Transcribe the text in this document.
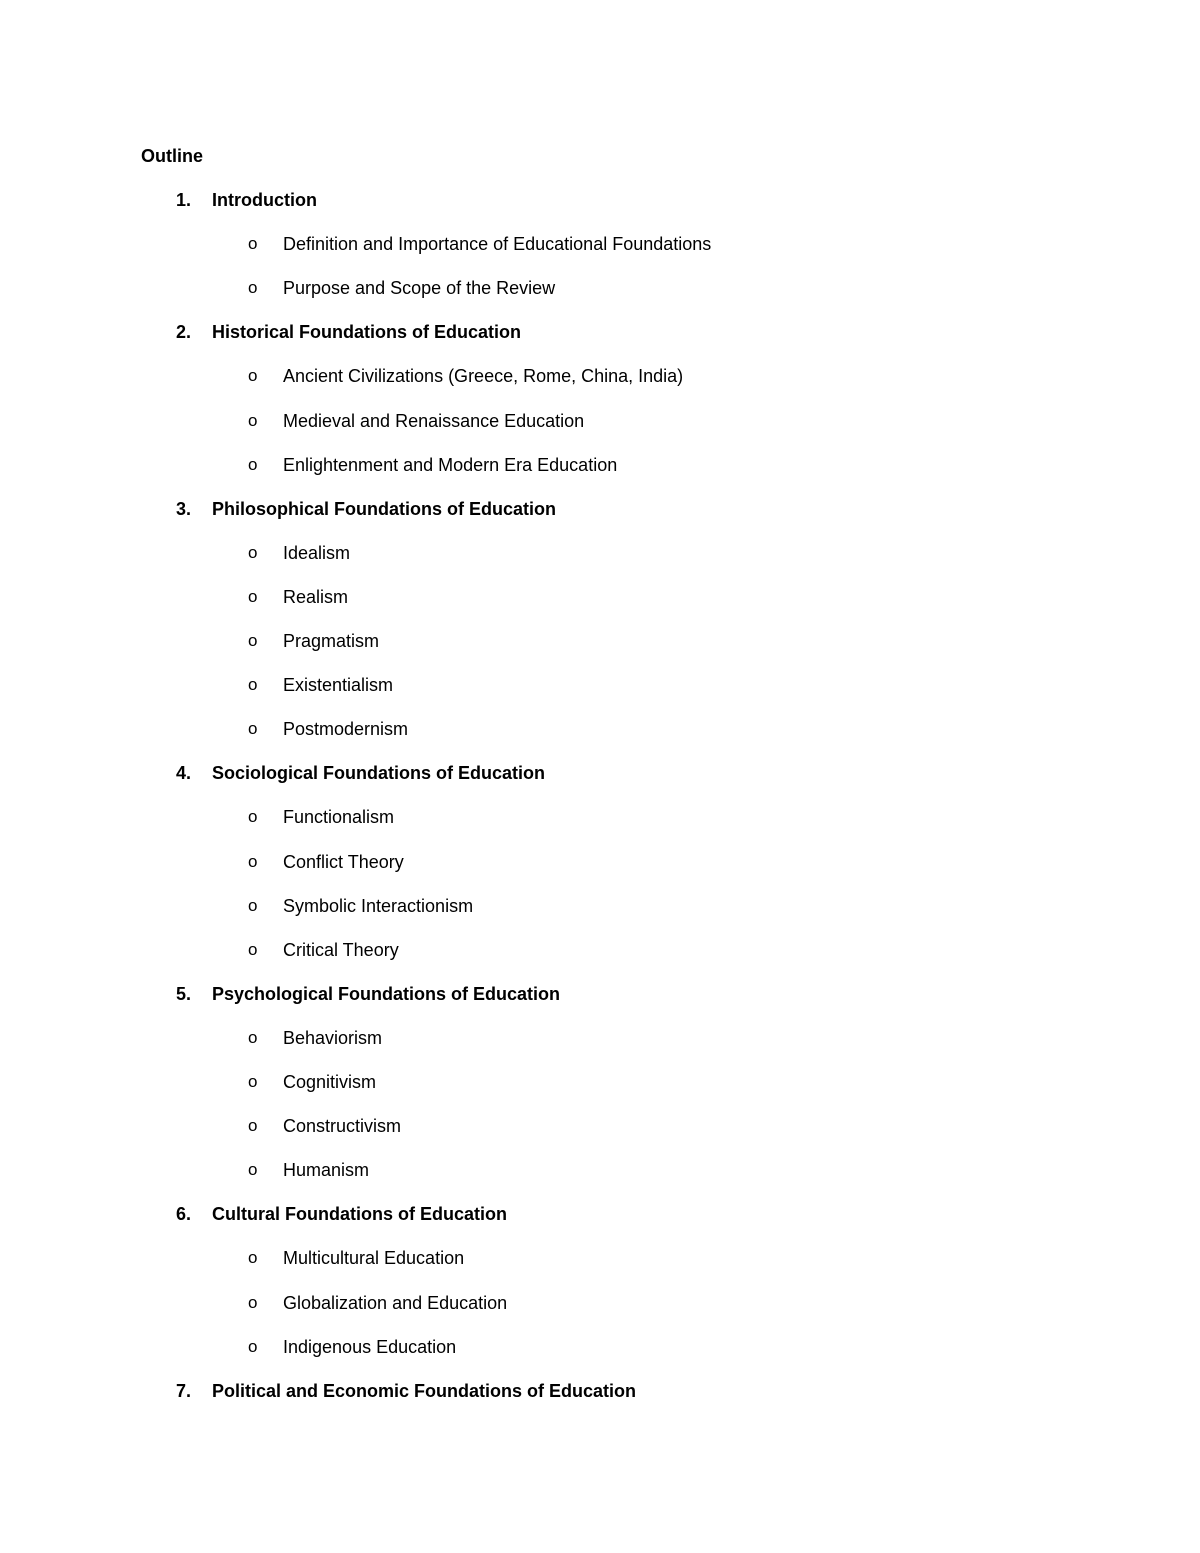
Outline
1. Introduction
o Definition and Importance of Educational Foundations
o Purpose and Scope of the Review
2. Historical Foundations of Education
o Ancient Civilizations (Greece, Rome, China, India)
o Medieval and Renaissance Education
o Enlightenment and Modern Era Education
3. Philosophical Foundations of Education
o Idealism
o Realism
o Pragmatism
o Existentialism
o Postmodernism
4. Sociological Foundations of Education
o Functionalism
o Conflict Theory
o Symbolic Interactionism
o Critical Theory
5. Psychological Foundations of Education
o Behaviorism
o Cognitivism
o Constructivism
o Humanism
6. Cultural Foundations of Education
o Multicultural Education
o Globalization and Education
o Indigenous Education
7. Political and Economic Foundations of Education
